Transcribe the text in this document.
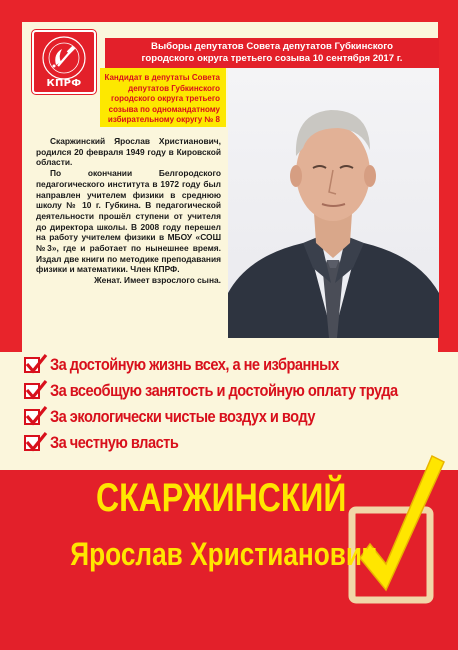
КПРФ
Выборы депутатов Совета депутатов Губкинского
городского округа третьего созыва 10 сентября 2017 г.
Кандидат в депутаты Совета
депутатов Губкинского
городского округа третьего
созыва по одномандатному
избирательному округу № 8

Скаржинский Ярослав Христианович, родился 20 февраля 1949 году в Кировской области.

По окончании Белгородского педагогического института в 1972 году был направлен учителем физики в среднюю школу № 10 г. Губкина. В педагогической деятельности прошёл ступени от учителя до директора школы. В 2008 году перешел на работу учителем физики в МБОУ «СОШ №3», где и работает по нынешнее время. Издал две книги по методике преподавания физики и математики. Член КПРФ.

Женат. Имеет взрослого сына.

За достойную жизнь всех, а не избранных
За всеобщую занятость и достойную оплату труда
За экологически чистые воздух и воду
За честную власть
СКАРЖИНСКИЙ
Ярослав Христианович
